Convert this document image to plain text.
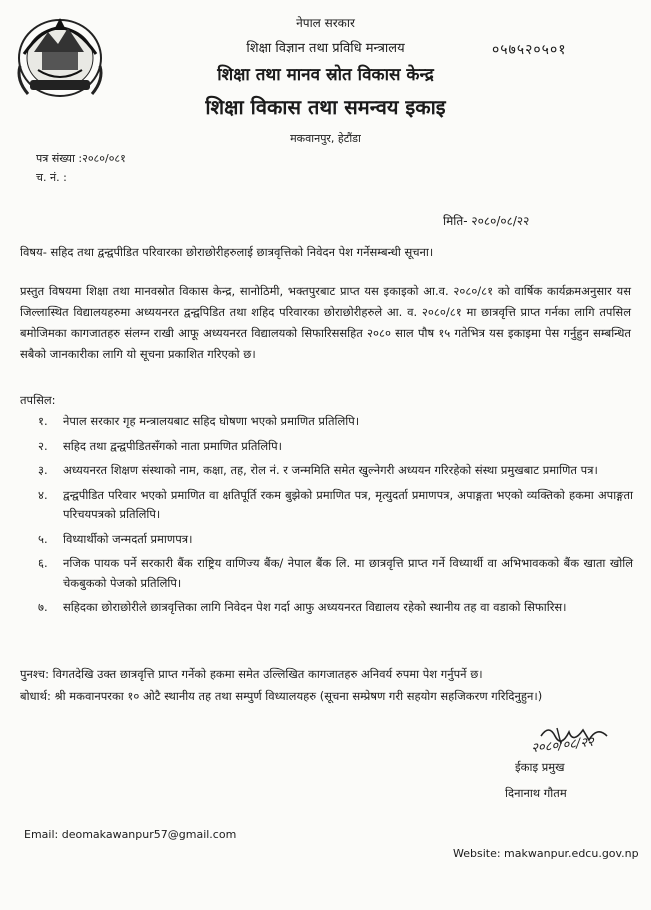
नेपाल सरकार
शिक्षा विज्ञान तथा प्रविधि मन्त्रालय
शिक्षा तथा मानव स्रोत विकास केन्द्र
शिक्षा विकास तथा समन्वय इकाइ
मकवानपुर, हेटौंडा
०५७५२०५०१
पत्र संख्या :२०८०/०८१
च. नं. :
मिति- २०८०/०८/२२
विषय- सहिद तथा द्वन्द्वपीडित परिवारका छोराछोरीहरुलाई छात्रवृत्तिको निवेदन पेश गर्नेसम्बन्धी सूचना।
प्रस्तुत विषयमा शिक्षा तथा मानवस्रोत विकास केन्द्र, सानोठिमी, भक्तपुरबाट प्राप्त यस इकाइको आ.व. २०८०/८१ को वार्षिक कार्यक्रमअनुसार यस जिल्लास्थित विद्यालयहरुमा अध्ययनरत द्वन्द्वपिडित तथा शहिद परिवारका छोराछोरीहरुले आ. व. २०८०/८१ मा छात्रवृत्ति प्राप्त गर्नका लागि तपसिल बमोजिमका कागजातहरु संलग्न राखी आफू अध्ययनरत विद्यालयको सिफारिससहित २०८० साल पौष १५ गतेभित्र यस इकाइमा पेस गर्नुहुन सम्बन्धित सबैको जानकारीका लागि यो सूचना प्रकाशित गरिएको छ।
तपसिल:
१.	नेपाल सरकार गृह मन्त्रालयबाट सहिद घोषणा भएको प्रमाणित प्रतिलिपि।
२.	सहिद तथा द्वन्द्वपीडितसँगको नाता प्रमाणित प्रतिलिपि।
३.	अध्ययनरत शिक्षण संस्थाको नाम, कक्षा, तह, रोल नं. र जन्ममिति समेत खुल्नेगरी अध्ययन गरिरहेको संस्था प्रमुखबाट प्रमाणित पत्र।
४.	द्वन्द्वपीडित परिवार भएको प्रमाणित वा क्षतिपूर्ति रकम बुझेको प्रमाणित पत्र, मृत्युदर्ता प्रमाणपत्र, अपाङ्गता भएको व्यक्तिको हकमा अपाङ्गता परिचयपत्रको प्रतिलिपि।
५.	विध्यार्थीको जन्मदर्ता प्रमाणपत्र।
६.	नजिक पायक पर्ने सरकारी बैंक राष्ट्रिय वाणिज्य बैंक/ नेपाल बैंक लि. मा छात्रवृत्ति प्राप्त गर्ने विध्यार्थी वा अभिभावकको बैंक खाता खोलि चेकबुकको पेजको प्रतिलिपि।
७.	सहिदका छोराछोरीले छात्रवृत्तिका लागि निवेदन पेश गर्दा आफु अध्ययनरत विद्यालय रहेको स्थानीय तह वा वडाको सिफारिस।
पुनश्च: विगतदेखि उक्त छात्रवृत्ति प्राप्त गर्नेको हकमा समेत उल्लिखित कागजातहरु अनिवर्य रुपमा पेश गर्नुपर्ने छ।
बोधार्थ: श्री मकवानपरका १० ओटै स्थानीय तह तथा सम्पुर्ण विध्यालयहरु (सूचना सम्प्रेषण गरी सहयोग सहजिकरण गरिदिनुहुन।)
२०८०/०८/२२
ईकाइ प्रमुख
दिनानाथ गौतम
Email: deomakawanpur57@gmail.com
Website: makwanpur.edcu.gov.np
